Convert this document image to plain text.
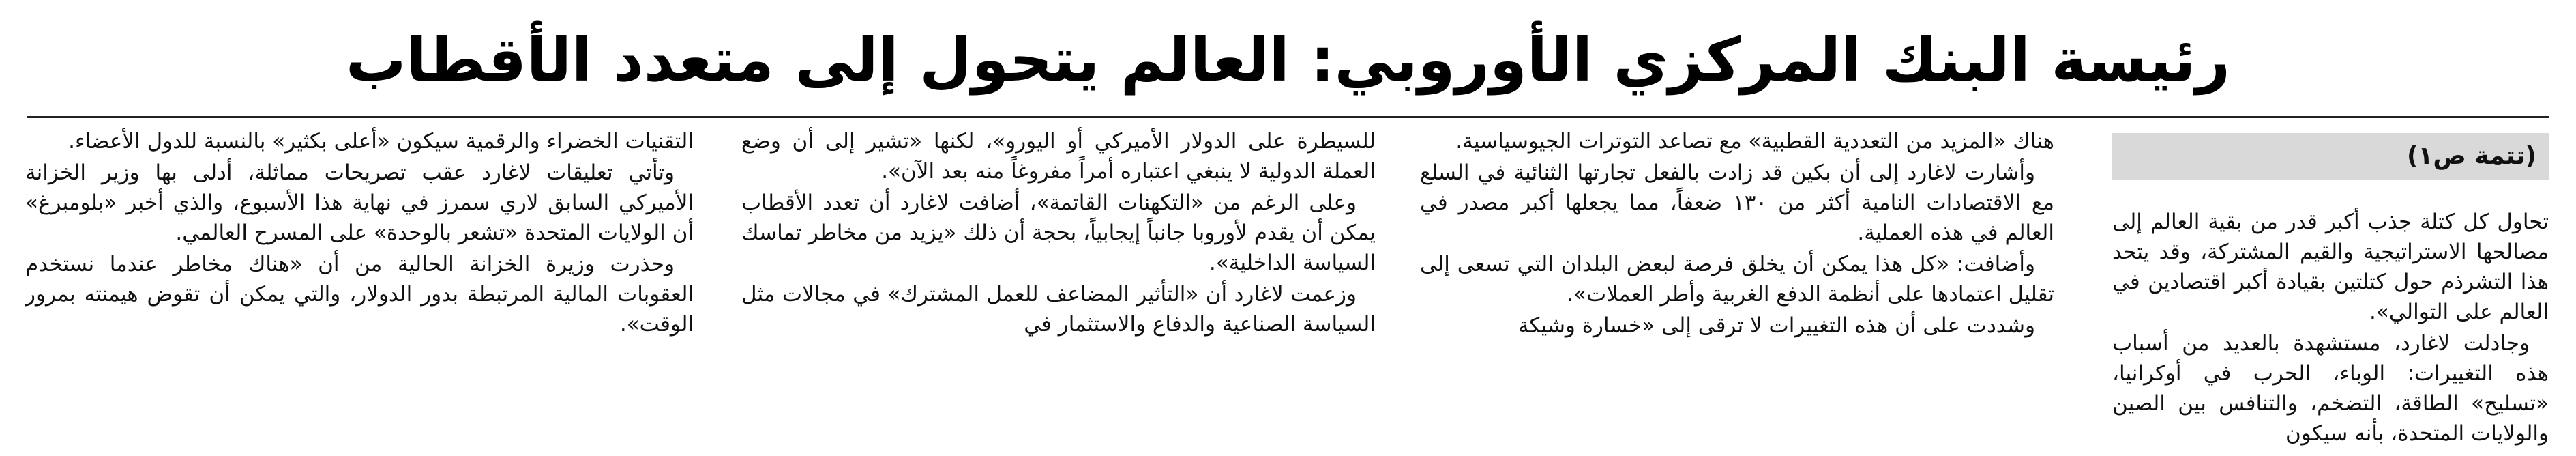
رئيسة البنك المركزي الأوروبي: العالم يتحول إلى متعدد الأقطاب
(تتمة ص١)

تحاول كل كتلة جذب أكبر قدر من بقية العالم إلى مصالحها الاستراتيجية والقيم المشتركة، وقد يتحد هذا التشرذم حول كتلتين بقيادة أكبر اقتصادين في العالم على التوالي».

وجادلت لاغارد، مستشهدة بالعديد من أسباب هذه التغييرات: الوباء، الحرب في أوكرانيا، «تسليح» الطاقة، التضخم، والتنافس بين الصين والولايات المتحدة، بأنه سيكون

هناك «المزيد من التعددية القطبية» مع تصاعد التوترات الجيوسياسية.

وأشارت لاغارد إلى أن بكين قد زادت بالفعل تجارتها الثنائية في السلع مع الاقتصادات النامية أكثر من ١٣٠ ضعفاً، مما يجعلها أكبر مصدر في العالم في هذه العملية.

وأضافت: «كل هذا يمكن أن يخلق فرصة لبعض البلدان التي تسعى إلى تقليل اعتمادها على أنظمة الدفع الغربية وأطر العملات».

وشددت على أن هذه التغييرات لا ترقى إلى «خسارة وشيكة

للسيطرة على الدولار الأميركي أو اليورو»، لكنها «تشير إلى أن وضع العملة الدولية لا ينبغي اعتباره أمراً مفروغاً منه بعد الآن».

وعلى الرغم من «التكهنات القاتمة»، أضافت لاغارد أن تعدد الأقطاب يمكن أن يقدم لأوروبا جانباً إيجابياً، بحجة أن ذلك «يزيد من مخاطر تماسك السياسة الداخلية».

وزعمت لاغارد أن «التأثير المضاعف للعمل المشترك» في مجالات مثل السياسة الصناعية والدفاع والاستثمار في

التقنيات الخضراء والرقمية سيكون «أعلى بكثير» بالنسبة للدول الأعضاء.

وتأتي تعليقات لاغارد عقب تصريحات مماثلة، أدلى بها وزير الخزانة الأميركي السابق لاري سمرز في نهاية هذا الأسبوع، والذي أخبر «بلومبرغ» أن الولايات المتحدة «تشعر بالوحدة» على المسرح العالمي.

وحذرت وزيرة الخزانة الحالية من أن «هناك مخاطر عندما نستخدم العقوبات المالية المرتبطة بدور الدولار، والتي يمكن أن تقوض هيمنته بمرور الوقت».
